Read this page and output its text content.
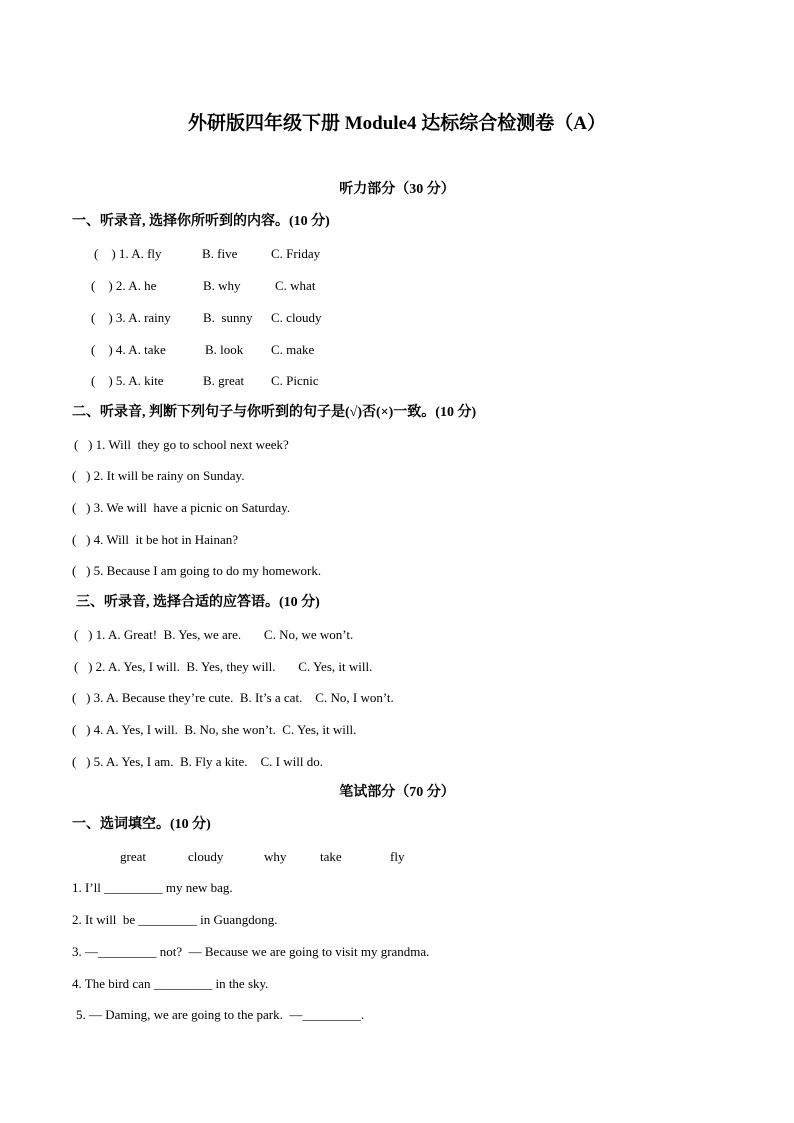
外研版四年级下册 Module4 达标综合检测卷（A）
听力部分（30 分）
一、听录音, 选择你所听到的内容。(10 分)
(    ) 1. A. fly	B. five	C. Friday
(    ) 2. A. he	B. why	C. what
(    ) 3. A. rainy B.  sunny C. cloudy
(    ) 4. A. take	B. look C. make
(    ) 5. A. kite	B. great C. Picnic
二、听录音, 判断下列句子与你听到的句子是(√)否(×)一致。(10 分)
(   ) 1. Will  they go to school next week?
(   ) 2. It will be rainy on Sunday.
(   ) 3. We will  have a picnic on Saturday.
(   ) 4. Will  it be hot in Hainan?
(   ) 5. Because I am going to do my homework.
三、听录音, 选择合适的应答语。(10 分)
(   ) 1. A. Great!  B. Yes, we are.       C. No, we won’t.
(   ) 2. A. Yes, I will.  B. Yes, they will.       C. Yes, it will.
(   ) 3. A. Because they’re cute.  B. It’s a cat.    C. No, I won’t.
(   ) 4. A. Yes, I will.  B. No, she won’t.  C. Yes, it will.
(   ) 5. A. Yes, I am.  B. Fly a kite.    C. I will do.
笔试部分（70 分）
一、选词填空。(10 分)
great	cloudy	why	take	fly
1. I’ll _________ my new bag.
2. It will  be _________ in Guangdong.
3. —_________ not?  — Because we are going to visit my grandma.
4. The bird can _________ in the sky.
5. — Daming, we are going to the park.  —_________.
